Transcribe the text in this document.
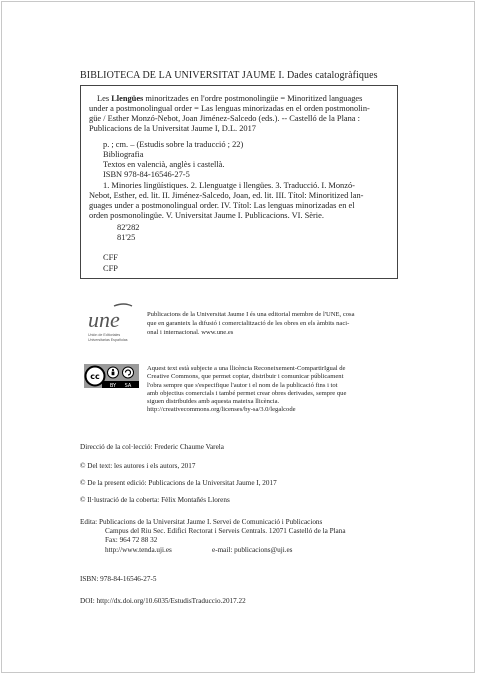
BIBLIOTECA DE LA UNIVERSITAT JAUME I. Dades catalogràfiques
Les Llengües minoritzades en l'ordre postmonolingüe = Minoritized languages
under a postmonolingual order = Las lenguas minorizadas en el orden postmonolin-
güe / Esther Monzó-Nebot, Joan Jiménez-Salcedo (eds.). -- Castelló de la Plana :
Publicacions de la Universitat Jaume I, D.L. 2017
p. ; cm. – (Estudis sobre la traducció ; 22)
Bibliografia
Textos en valencià, anglès i castellà.
ISBN 978-84-16546-27-5
1. Minories lingüístiques. 2. Llenguatge i llengües. 3. Traducció. I. Monzó-
Nebot, Esther, ed. lit. II. Jiménez-Salcedo, Joan, ed. lit. III. Títol: Minoritized lan-
guages under a postmonolingual order. IV. Títol: Las lenguas minorizadas en el
orden posmonolingüe. V. Universitat Jaume I. Publicacions. VI. Sèrie.
82'282
81'25
CFF
CFP
une
Unión de Editoriales
Universitarias Españolas
Publicacions de la Universitat Jaume I és una editorial membre de l'UNE, cosa
que en garanteix la difusió i comercialització de les obres en els àmbits naci-
onal i internacional. www.une.es
cc
BY SA
Aquest text està subjecte a una llicència Reconeixement-CompartirIgual de
Creative Commons, que permet copiar, distribuir i comunicar públicament
l'obra sempre que s'especifique l'autor i el nom de la publicació fins i tot
amb objectius comercials i també permet crear obres derivades, sempre que
siguen distribuïdes amb aquesta mateixa llicència.
http://creativecommons.org/licenses/by-sa/3.0/legalcode
Direcció de la col·lecció: Frederic Chaume Varela
© Del text: les autores i els autors, 2017
© De la present edició: Publicacions de la Universitat Jaume I, 2017
© Il·lustració de la coberta: Fèlix Montañés Llorens
Edita: Publicacions de la Universitat Jaume I. Servei de Comunicació i Publicacions
Campus del Riu Sec. Edifici Rectorat i Serveis Centrals. 12071 Castelló de la Plana
Fax: 964 72 88 32
http://www.tenda.uji.es	e-mail: publicacions@uji.es
ISBN: 978-84-16546-27-5
DOI: http://dx.doi.org/10.6035/EstudisTraduccio.2017.22
